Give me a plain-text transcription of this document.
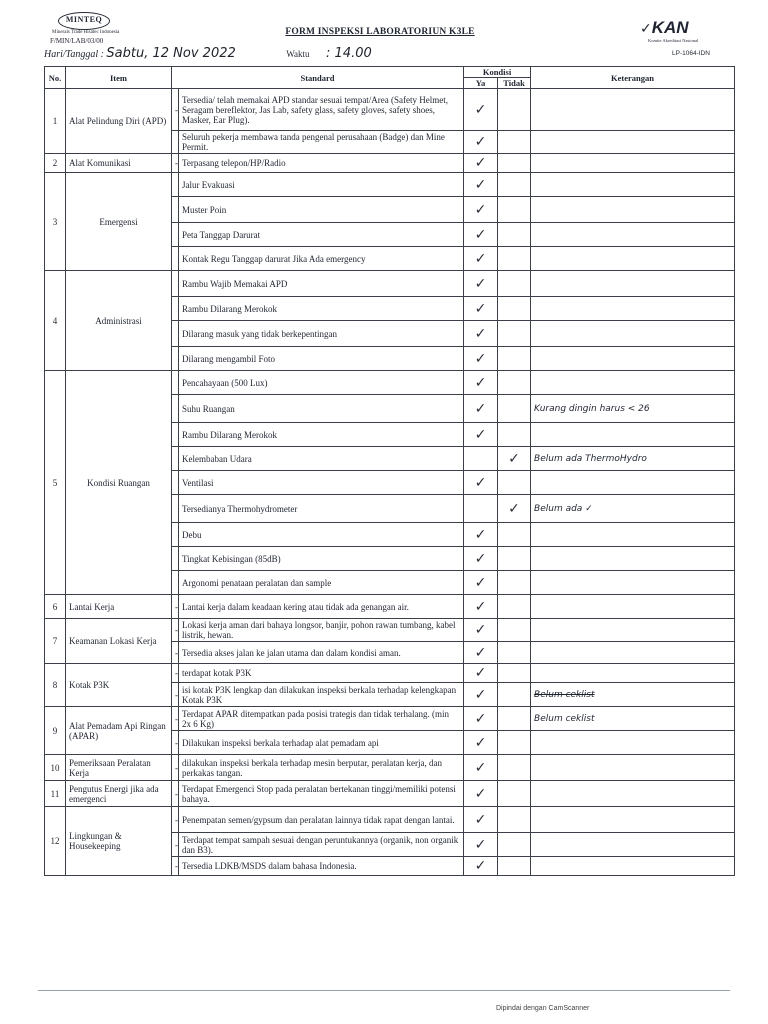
MINTEQ
Minerals Trade Hisatec Indonesia
F/MIN/LAB/03/00
FORM INSPEKSI LABORATORIUN K3LE	✓KAN
Komite Akreditasi Nasional
LP-1064-IDN
Hari/Tanggal : Sabtu, 12 Nov 2022	Waktu : 14.00
No.	Item	Standard		Kondisi		Keterangan
				Ya	Tidak	
1	Alat Pelindung Diri (APD)	-	Tersedia/ telah memakai APD standar sesuai tempat/Area (Safety Helmet, Seragam bereflektor, Jas Lab, safety glass, safety gloves, safety shoes, Masker, Ear Plug).	✓		
			Seluruh pekerja membawa tanda pengenal perusahaan (Badge) dan Mine Permit.	✓		
2	Alat Komunikasi	-	Terpasang telepon/HP/Radio	✓		
3	Emergensi		Jalur Evakuasi	✓		
			Muster Poin	✓		
			Peta Tanggap Darurat	✓		
			Kontak Regu Tanggap darurat Jika Ada emergency	✓		
4	Administrasi		Rambu Wajib Memakai APD	✓		
			Rambu Dilarang Merokok	✓		
			Dilarang masuk yang tidak berkepentingan	✓		
			Dilarang mengambil Foto	✓		
5	Kondisi Ruangan		Pencahayaan (500 Lux)	✓		
			Suhu Ruangan	✓		Kurang dingin harus < 26
			Rambu Dilarang Merokok	✓		
			Kelembaban Udara		✓	Belum ada ThermoHydro
			Ventilasi	✓		
			Tersedianya Thermohydrometer		✓	Belum ada ✓
			Debu	✓		
			Tingkat Kebisingan (85dB)	✓		
			Argonomi penataan peralatan dan sample	✓		
6	Lantai Kerja	-	Lantai kerja dalam keadaan kering atau tidak ada genangan air.	✓		
7	Keamanan Lokasi Kerja	-	Lokasi kerja aman dari bahaya longsor, banjir, pohon rawan tumbang, kabel listrik, hewan.	✓		
		-	Tersedia akses jalan ke jalan utama dan dalam kondisi aman.	✓		
8	Kotak P3K	-	terdapat kotak P3K	✓		
		-	isi kotak P3K lengkap dan dilakukan inspeksi berkala terhadap kelengkapan Kotak P3K	✓		Belum ceklist
9	Alat Pemadam Api Ringan (APAR)	-	Terdapat APAR ditempatkan pada posisi trategis dan tidak terhalang. (min 2x 6 Kg)	✓		Belum ceklist
		-	Dilakukan inspeksi berkala terhadap alat pemadam api	✓		
10	Pemeriksaan Peralatan Kerja	-	dilakukan inspeksi berkala terhadap mesin berputar, peralatan kerja, dan perkakas tangan.	✓		
11	Pengutus Energi jika ada emergenci	-	Terdapat Emergenci Stop pada peralatan bertekanan tinggi/memiliki potensi bahaya.	✓		
12	Lingkungan & Housekeeping	-	Penempatan semen/gypsum dan peralatan lainnya tidak rapat dengan lantai.	✓		
		-	Terdapat tempat sampah sesuai dengan peruntukannya (organik, non organik dan B3).	✓		
		-	Tersedia LDKB/MSDS dalam bahasa Indonesia.	✓		
Dipindai dengan CamScanner
